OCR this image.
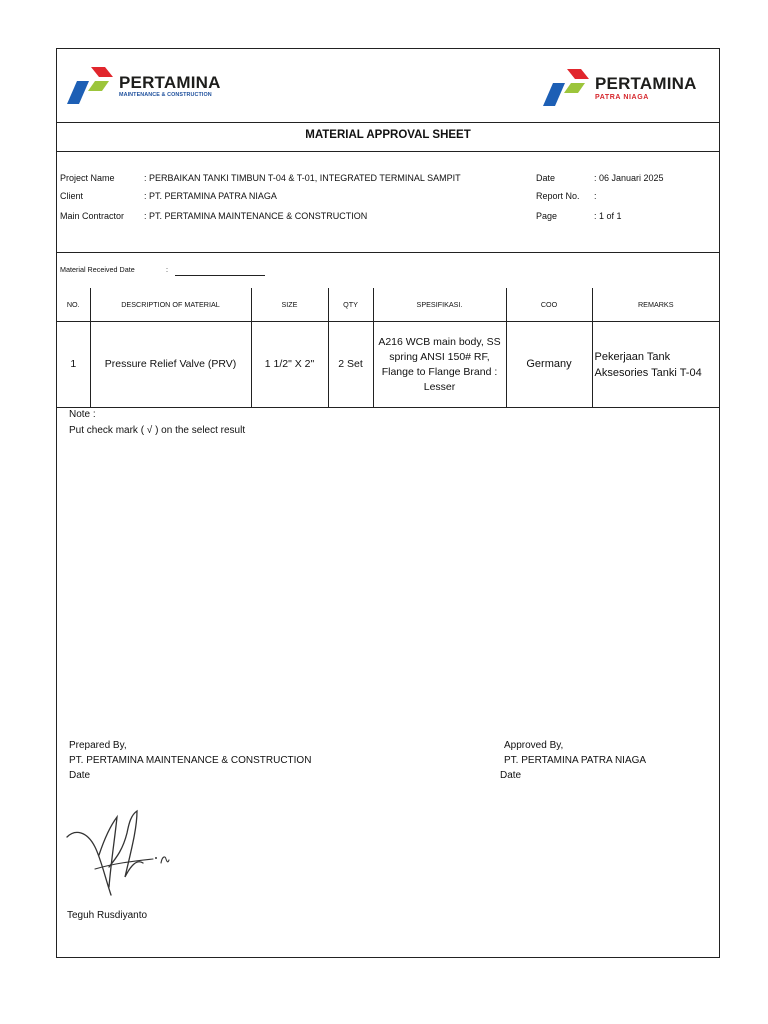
PERTAMINA
MAINTENANCE & CONSTRUCTION
PERTAMINA
PATRA NIAGA
MATERIAL APPROVAL SHEET
Project Name	: PERBAIKAN TANKI TIMBUN T-04 & T-01, INTEGRATED TERMINAL SAMPIT
Client	: PT. PERTAMINA PATRA NIAGA
Main Contractor : PT. PERTAMINA MAINTENANCE & CONSTRUCTION
Date	: 06 Januari 2025
Report No. :
Page	: 1 of 1
Material Received Date	:
NO.	DESCRIPTION OF MATERIAL	SIZE	QTY	SPESIFIKASI.	COO	REMARKS
1	Pressure Relief Valve (PRV)	1 1/2" X 2"	2 Set	A216 WCB main body, SS spring ANSI 150# RF, Flange to Flange Brand : Lesser	Germany	Pekerjaan Tank Aksesories Tanki T-04
Note :
Put check mark ( √ ) on the select result
Prepared By,
PT. PERTAMINA MAINTENANCE & CONSTRUCTION
Date
Teguh Rusdiyanto
Approved By,
PT. PERTAMINA PATRA NIAGA
Date
